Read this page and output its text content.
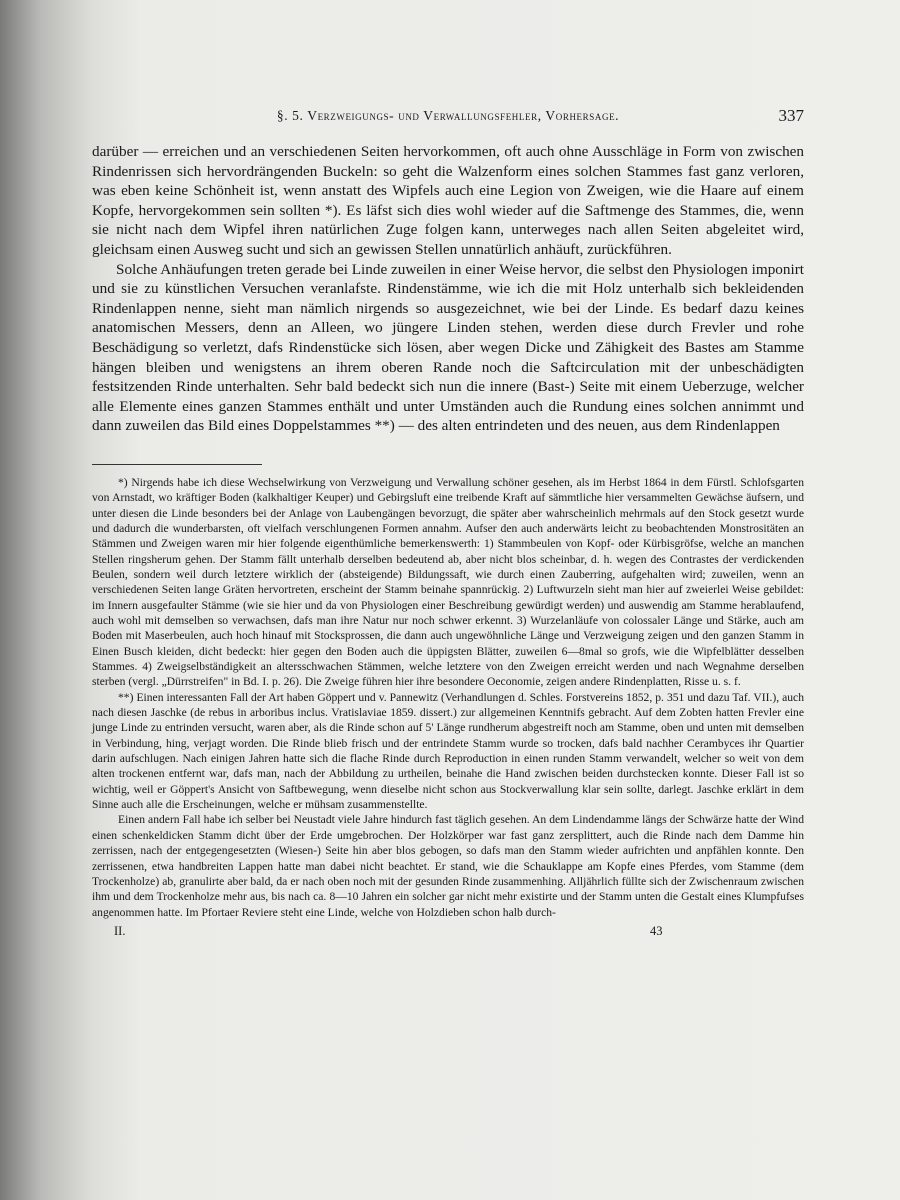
§. 5. Verzweigungs- und Verwallungsfehler, Vorhersage.	337

darüber — erreichen und an verschiedenen Seiten hervorkommen, oft auch ohne Ausschläge in Form von zwischen Rindenrissen sich hervordrängenden Buckeln: so geht die Walzenform eines solchen Stammes fast ganz verloren, was eben keine Schönheit ist, wenn anstatt des Wipfels auch eine Legion von Zweigen, wie die Haare auf einem Kopfe, hervorgekommen sein sollten *). Es läfst sich dies wohl wieder auf die Saftmenge des Stammes, die, wenn sie nicht nach dem Wipfel ihren natürlichen Zuge folgen kann, unterweges nach allen Seiten abgeleitet wird, gleichsam einen Ausweg sucht und sich an gewissen Stellen unnatürlich anhäuft, zurückführen.

Solche Anhäufungen treten gerade bei Linde zuweilen in einer Weise hervor, die selbst den Physiologen imponirt und sie zu künstlichen Versuchen veranlafste. Rindenstämme, wie ich die mit Holz unterhalb sich bekleidenden Rindenlappen nenne, sieht man nämlich nirgends so ausgezeichnet, wie bei der Linde. Es bedarf dazu keines anatomischen Messers, denn an Alleen, wo jüngere Linden stehen, werden diese durch Frevler und rohe Beschädigung so verletzt, dafs Rindenstücke sich lösen, aber wegen Dicke und Zähigkeit des Bastes am Stamme hängen bleiben und wenigstens an ihrem oberen Rande noch die Saftcirculation mit der unbeschädigten festsitzenden Rinde unterhalten. Sehr bald bedeckt sich nun die innere (Bast-) Seite mit einem Ueberzuge, welcher alle Elemente eines ganzen Stammes enthält und unter Umständen auch die Rundung eines solchen annimmt und dann zuweilen das Bild eines Doppelstammes **) — des alten entrindeten und des neuen, aus dem Rindenlappen

*) Nirgends habe ich diese Wechselwirkung von Verzweigung und Verwallung schöner gesehen, als im Herbst 1864 in dem Fürstl. Schlofsgarten von Arnstadt, wo kräftiger Boden (kalkhaltiger Keuper) und Gebirgsluft eine treibende Kraft auf sämmtliche hier versammelten Gewächse äufsern, und unter diesen die Linde besonders bei der Anlage von Laubengängen bevorzugt, die später aber wahrscheinlich mehrmals auf den Stock gesetzt wurde und dadurch die wunderbarsten, oft vielfach verschlungenen Formen annahm. Aufser den auch anderwärts leicht zu beobachtenden Monstrositäten an Stämmen und Zweigen waren mir hier folgende eigenthümliche bemerkenswerth: 1) Stammbeulen von Kopf- oder Kürbisgröfse, welche an manchen Stellen ringsherum gehen. Der Stamm fällt unterhalb derselben bedeutend ab, aber nicht blos scheinbar, d. h. wegen des Contrastes der verdickenden Beulen, sondern weil durch letztere wirklich der (absteigende) Bildungssaft, wie durch einen Zauberring, aufgehalten wird; zuweilen, wenn an verschiedenen Seiten lange Gräten hervortreten, erscheint der Stamm beinahe spannrückig. 2) Luftwurzeln sieht man hier auf zweierlei Weise gebildet: im Innern ausgefaulter Stämme (wie sie hier und da von Physiologen einer Beschreibung gewürdigt werden) und auswendig am Stamme herablaufend, auch wohl mit demselben so verwachsen, dafs man ihre Natur nur noch schwer erkennt. 3) Wurzelanläufe von colossaler Länge und Stärke, auch am Boden mit Maserbeulen, auch hoch hinauf mit Stocksprossen, die dann auch ungewöhnliche Länge und Verzweigung zeigen und den ganzen Stamm in Einen Busch kleiden, dicht bedeckt: hier gegen den Boden auch die üppigsten Blätter, zuweilen 6—8mal so grofs, wie die Wipfelblätter desselben Stammes. 4) Zweigselbständigkeit an altersschwachen Stämmen, welche letztere von den Zweigen erreicht werden und nach Wegnahme derselben sterben (vergl. „Dürrstreifen" in Bd. I. p. 26). Die Zweige führen hier ihre besondere Oeconomie, zeigen andere Rindenplatten, Risse u. s. f.

**) Einen interessanten Fall der Art haben Göppert und v. Pannewitz (Verhandlungen d. Schles. Forstvereins 1852, p. 351 und dazu Taf. VII.), auch nach diesen Jaschke (de rebus in arboribus inclus. Vratislaviae 1859. dissert.) zur allgemeinen Kenntnifs gebracht. Auf dem Zobten hatten Frevler eine junge Linde zu entrinden versucht, waren aber, als die Rinde schon auf 5' Länge rundherum abgestreift noch am Stamme, oben und unten mit demselben in Verbindung, hing, verjagt worden. Die Rinde blieb frisch und der entrindete Stamm wurde so trocken, dafs bald nachher Cerambyces ihr Quartier darin aufschlugen. Nach einigen Jahren hatte sich die flache Rinde durch Reproduction in einen runden Stamm verwandelt, welcher so weit von dem alten trockenen entfernt war, dafs man, nach der Abbildung zu urtheilen, beinahe die Hand zwischen beiden durchstecken konnte. Dieser Fall ist so wichtig, weil er Göppert's Ansicht von Saftbewegung, wenn dieselbe nicht schon aus Stockverwallung klar sein sollte, darlegt. Jaschke erklärt in dem Sinne auch alle die Erscheinungen, welche er mühsam zusammenstellte.

Einen andern Fall habe ich selber bei Neustadt viele Jahre hindurch fast täglich gesehen. An dem Lindendamme längs der Schwärze hatte der Wind einen schenkeldicken Stamm dicht über der Erde umgebrochen. Der Holzkörper war fast ganz zersplittert, auch die Rinde nach dem Damme hin zerrissen, nach der entgegengesetzten (Wiesen-) Seite hin aber blos gebogen, so dafs man den Stamm wieder aufrichten und anpfählen konnte. Den zerrissenen, etwa handbreiten Lappen hatte man dabei nicht beachtet. Er stand, wie die Schauklappe am Kopfe eines Pferdes, vom Stamme (dem Trockenholze) ab, granulirte aber bald, da er nach oben noch mit der gesunden Rinde zusammenhing. Alljährlich füllte sich der Zwischenraum zwischen ihm und dem Trockenholze mehr aus, bis nach ca. 8—10 Jahren ein solcher gar nicht mehr existirte und der Stamm unten die Gestalt eines Klumpfufses angenommen hatte. Im Pfortaer Reviere steht eine Linde, welche von Holzdieben schon halb durch-

II.	43
